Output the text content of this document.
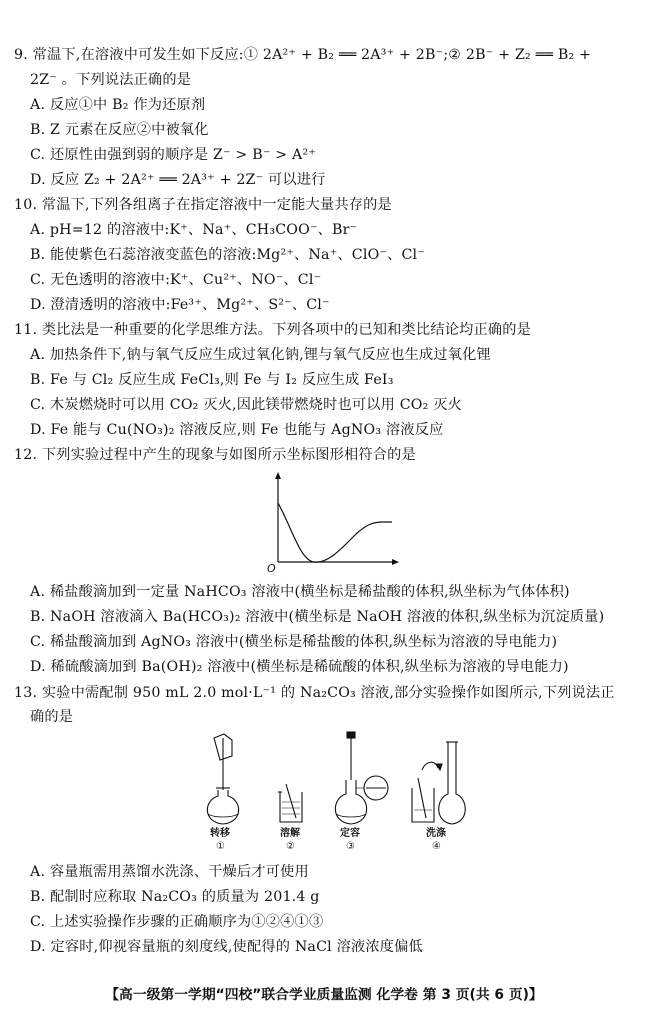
9. 常温下,在溶液中可发生如下反应:① 2A²⁺ + B₂ ══ 2A³⁺ + 2B⁻;② 2B⁻ + Z₂ ══ B₂ +
2Z⁻ 。下列说法正确的是
A. 反应①中 B₂ 作为还原剂
B. Z 元素在反应②中被氧化
C. 还原性由强到弱的顺序是 Z⁻ > B⁻ > A²⁺
D. 反应 Z₂ + 2A²⁺ ══ 2A³⁺ + 2Z⁻ 可以进行
10. 常温下,下列各组离子在指定溶液中一定能大量共存的是
A. pH=12 的溶液中:K⁺、Na⁺、CH₃COO⁻、Br⁻
B. 能使紫色石蕊溶液变蓝色的溶液:Mg²⁺、Na⁺、ClO⁻、Cl⁻
C. 无色透明的溶液中:K⁺、Cu²⁺、NO⁻、Cl⁻
D. 澄清透明的溶液中:Fe³⁺、Mg²⁺、S²⁻、Cl⁻
11. 类比法是一种重要的化学思维方法。下列各项中的已知和类比结论均正确的是
A. 加热条件下,钠与氧气反应生成过氧化钠,锂与氧气反应也生成过氧化锂
B. Fe 与 Cl₂ 反应生成 FeCl₃,则 Fe 与 I₂ 反应生成 FeI₃
C. 木炭燃烧时可以用 CO₂ 灭火,因此镁带燃烧时也可以用 CO₂ 灭火
D. Fe 能与 Cu(NO₃)₂ 溶液反应,则 Fe 也能与 AgNO₃ 溶液反应
12. 下列实验过程中产生的现象与如图所示坐标图形相符合的是
O
A. 稀盐酸滴加到一定量 NaHCO₃ 溶液中(横坐标是稀盐酸的体积,纵坐标为气体体积)
B. NaOH 溶液滴入 Ba(HCO₃)₂ 溶液中(横坐标是 NaOH 溶液的体积,纵坐标为沉淀质量)
C. 稀盐酸滴加到 AgNO₃ 溶液中(横坐标是稀盐酸的体积,纵坐标为溶液的导电能力)
D. 稀硫酸滴加到 Ba(OH)₂ 溶液中(横坐标是稀硫酸的体积,纵坐标为溶液的导电能力)
13. 实验中需配制 950 mL 2.0 mol·L⁻¹ 的 Na₂CO₃ 溶液,部分实验操作如图所示,下列说法正
确的是
转移
①
溶解
②
定容
③
洗涤
④
A. 容量瓶需用蒸馏水洗涤、干燥后才可使用
B. 配制时应称取 Na₂CO₃ 的质量为 201.4 g
C. 上述实验操作步骤的正确顺序为①②④①③
D. 定容时,仰视容量瓶的刻度线,使配得的 NaCl 溶液浓度偏低
【高一级第一学期“四校”联合学业质量监测 化学卷 第 3 页(共 6 页)】
